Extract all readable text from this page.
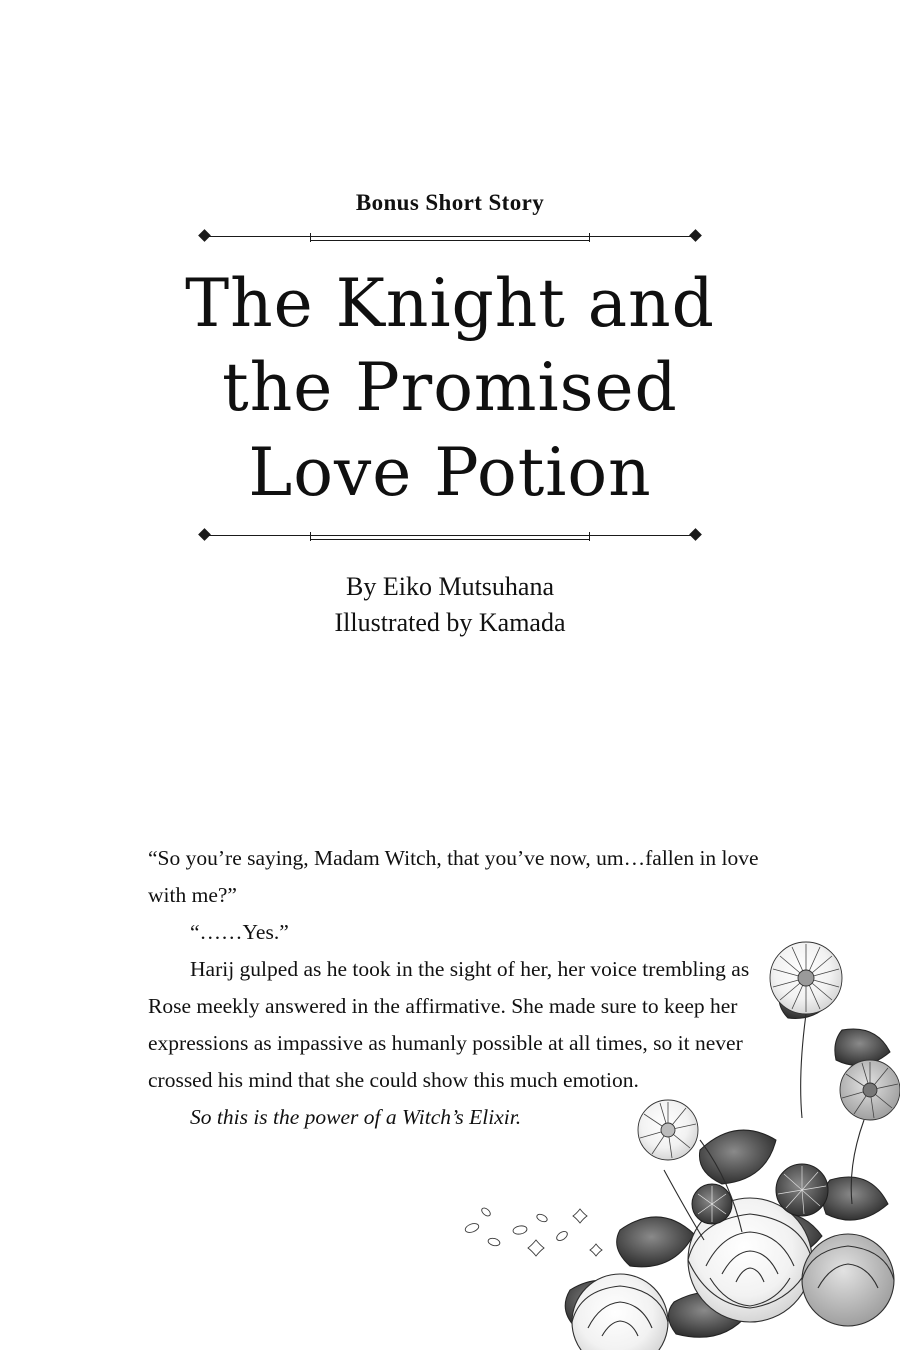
Bonus Short Story
The Knight and
the Promised
Love Potion
By Eiko Mutsuhana
Illustrated by Kamada

“So you’re saying, Madam Witch, that you’ve now, um…fallen in love with me?”

“……Yes.”

Harij gulped as he took in the sight of her, her voice trembling as Rose meekly answered in the affirmative. She made sure to keep her expressions as impassive as humanly possible at all times, so it never crossed his mind that she could show this much emotion.

So this is the power of a Witch’s Elixir.
